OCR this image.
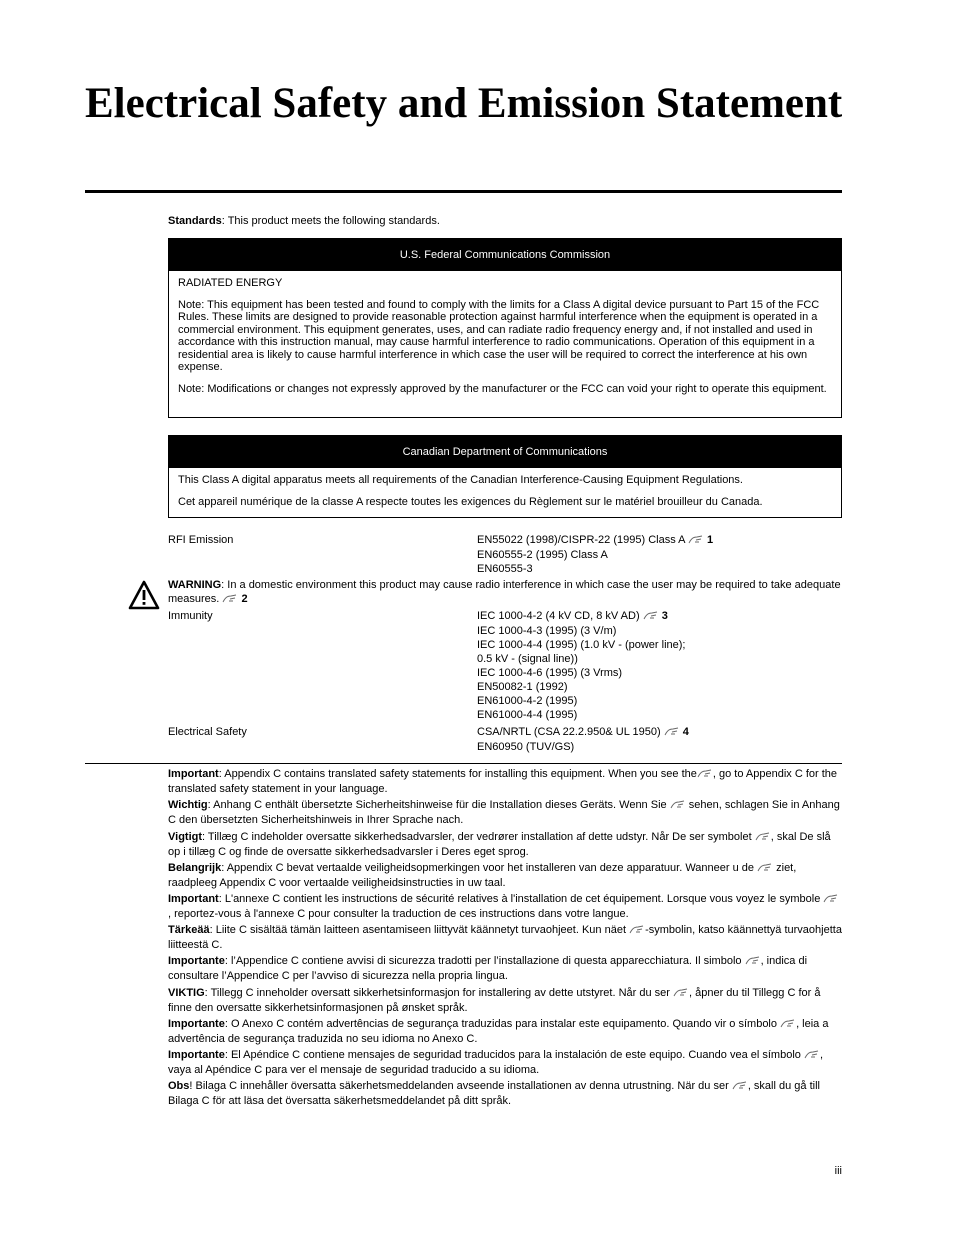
Electrical Safety and Emission Statement

Standards: This product meets the following standards.

U.S. Federal Communications Commission

RADIATED ENERGY

Note: This equipment has been tested and found to comply with the limits for a Class A digital device pursuant to Part 15 of the FCC Rules. These limits are designed to provide reasonable protection against harmful interference when the equipment is operated in a commercial environment. This equipment generates, uses, and can radiate radio frequency energy and, if not installed and used in accordance with this instruction manual, may cause harmful interference to radio communications. Operation of this equipment in a residential area is likely to cause harmful interference in which case the user will be required to correct the interference at his own expense.

Note: Modifications or changes not expressly approved by the manufacturer or the FCC can void your right to operate this equipment.

Canadian Department of Communications

This Class A digital apparatus meets all requirements of the Canadian Interference-Causing Equipment Regulations.

Cet appareil numérique de la classe A respecte toutes les exigences du Règlement sur le matériel brouilleur du Canada.

RFI Emission	EN55022 (1998)/CISPR-22 (1995) Class A 1
EN60555-2 (1995) Class A
EN60555-3

WARNING: In a domestic environment this product may cause radio interference in which case the user may be required to take adequate measures. 2

Immunity	IEC 1000-4-2 (4 kV CD, 8 kV AD) 3
IEC 1000-4-3 (1995) (3 V/m)
IEC 1000-4-4 (1995) (1.0 kV - (power line);
0.5 kV - (signal line))
IEC 1000-4-6 (1995) (3 Vrms)
EN50082-1 (1992)
EN61000-4-2 (1995)
EN61000-4-4 (1995)
Electrical Safety	CSA/NRTL (CSA 22.2.950& UL 1950) 4
EN60950 (TUV/GS)

Important: Appendix C contains translated safety statements for installing this equipment. When you see the , go to Appendix C for the translated safety statement in your language.

Wichtig: Anhang C enthält übersetzte Sicherheitshinweise für die Installation dieses Geräts. Wenn Sie  sehen, schlagen Sie in Anhang C den übersetzten Sicherheitshinweis in Ihrer Sprache nach.

Vigtigt: Tillæg C indeholder oversatte sikkerhedsadvarsler, der vedrører installation af dette udstyr. Når De ser symbolet , skal De slå op i tillæg C og finde de oversatte sikkerhedsadvarsler i Deres eget sprog.

Belangrijk: Appendix C bevat vertaalde veiligheidsopmerkingen voor het installeren van deze apparatuur. Wanneer u de  ziet, raadpleeg Appendix C voor vertaalde veiligheidsinstructies in uw taal.

Important: L'annexe C contient les instructions de sécurité relatives à l'installation de cet équipement. Lorsque vous voyez le symbole , reportez-vous à l'annexe C pour consulter la traduction de ces instructions dans votre langue.

Tärkeää: Liite C sisältää tämän laitteen asentamiseen liittyvät käännetyt turvaohjeet. Kun näet -symbolin, katso käännettyä turvaohjetta liitteestä C.

Importante: l’Appendice C contiene avvisi di sicurezza tradotti per l’installazione di questa apparecchiatura. Il simbolo , indica di consultare l’Appendice C per l’avviso di sicurezza nella propria lingua.

VIKTIG: Tillegg C inneholder oversatt sikkerhetsinformasjon for installering av dette utstyret. Når du ser , åpner du til Tillegg C for å finne den oversatte sikkerhetsinformasjonen på ønsket språk.

Importante: O Anexo C contém advertências de segurança traduzidas para instalar este equipamento. Quando vir o símbolo , leia a advertência de segurança traduzida no seu idioma no Anexo C.

Importante: El Apéndice C contiene mensajes de seguridad traducidos para la instalación de este equipo. Cuando vea el símbolo , vaya al Apéndice C para ver el mensaje de seguridad traducido a su idioma.

Obs! Bilaga C innehåller översatta säkerhetsmeddelanden avseende installationen av denna utrustning. När du ser , skall du gå till Bilaga C för att läsa det översatta säkerhetsmeddelandet på ditt språk.

iii
